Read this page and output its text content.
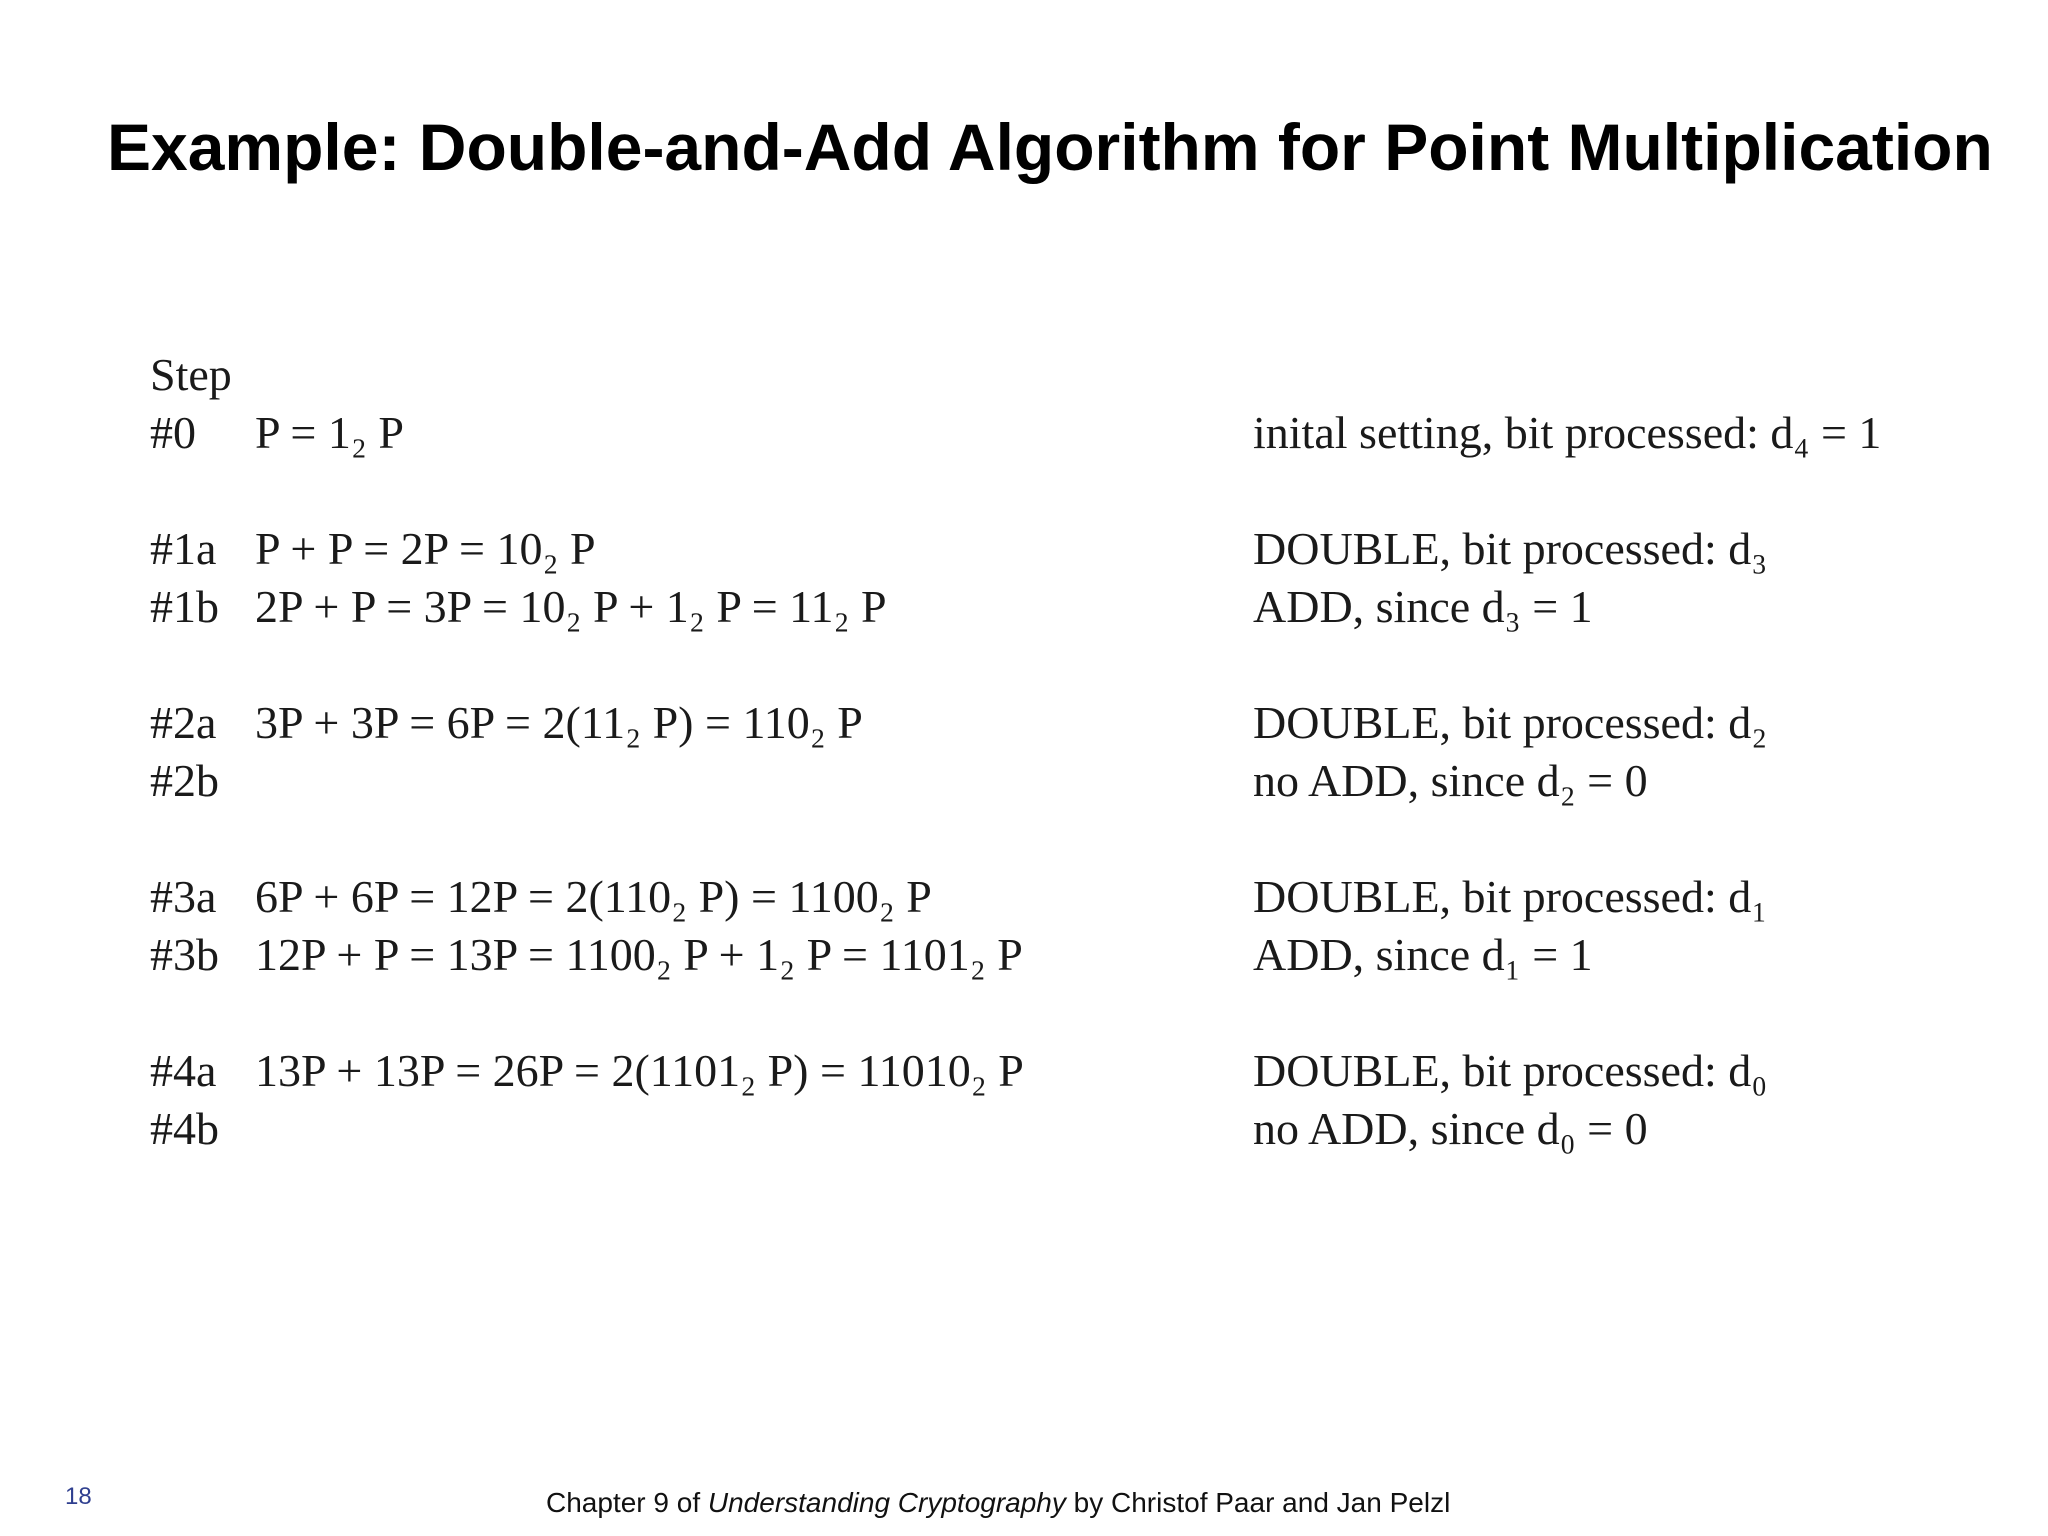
Example: Double-and-Add Algorithm for Point Multiplication
Step
#0 P = 1₂ P	inital setting, bit processed: d₄ = 1
#1a P + P = 2P = 10₂ P	DOUBLE, bit processed: d₃
#1b 2P + P = 3P = 10₂ P + 1₂ P = 11₂ P	ADD, since d₃ = 1
#2a 3P + 3P = 6P = 2(11₂ P) = 110₂ P	DOUBLE, bit processed: d₂
#2b	no ADD, since d₂ = 0
#3a 6P + 6P = 12P = 2(110₂ P) = 1100₂ P	DOUBLE, bit processed: d₁
#3b 12P + P = 13P = 1100₂ P + 1₂ P = 1101₂ P	ADD, since d₁ = 1
#4a 13P + 13P = 26P = 2(1101₂ P) = 11010₂ P	DOUBLE, bit processed: d₀
#4b	no ADD, since d₀ = 0
18	Chapter 9 of Understanding Cryptography by Christof Paar and Jan Pelzl
